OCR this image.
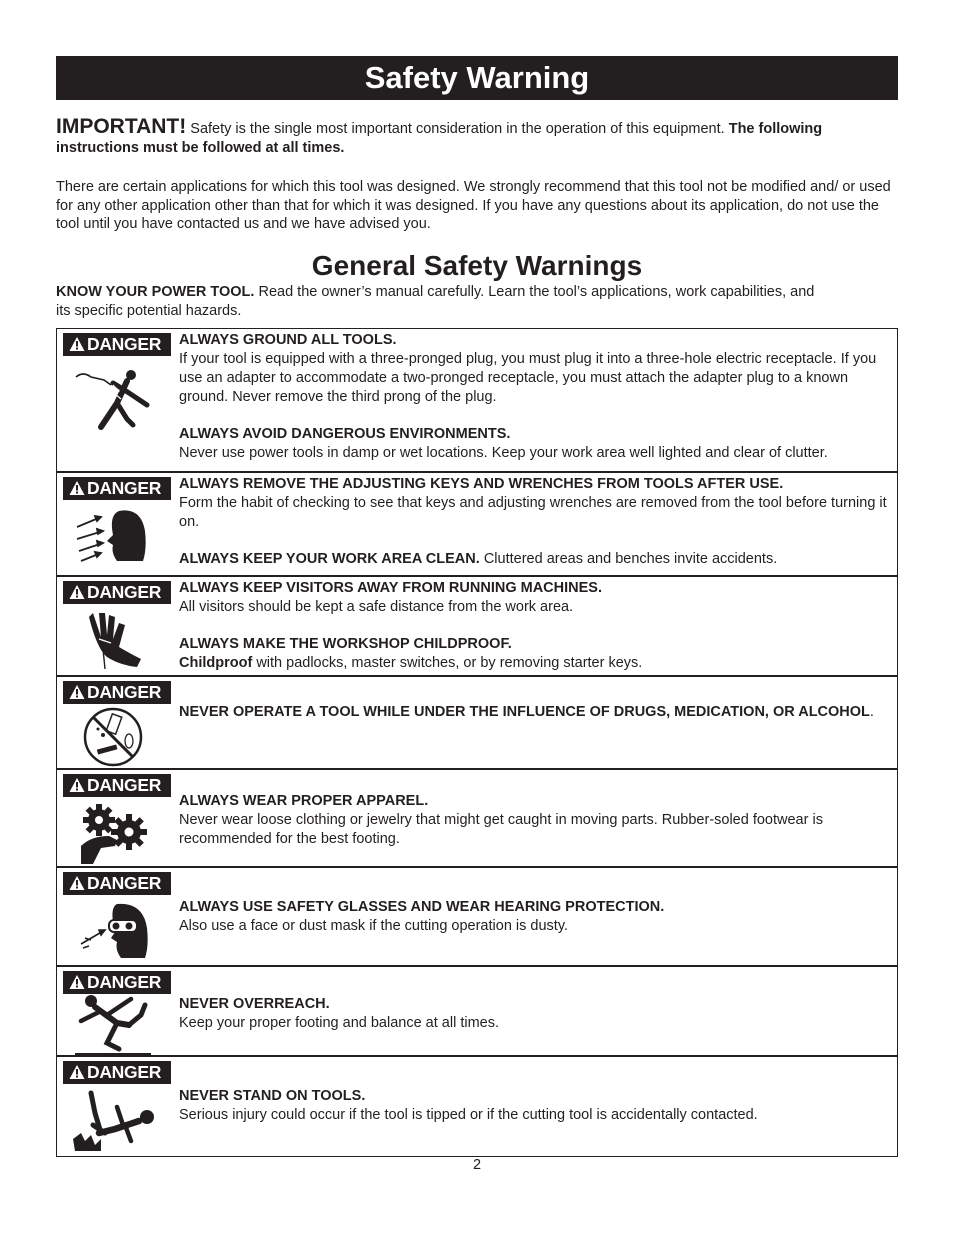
Safety Warning
IMPORTANT! Safety is the single most important consideration in the operation of this equipment. The following instructions must be followed at all times.
There are certain applications for which this tool was designed. We strongly recommend that this tool not be modified and/ or used for any other application other than that for which it was designed. If you have any questions about its application, do not use the tool until you have contacted us and we have advised you.
General Safety Warnings
KNOW YOUR POWER TOOL. Read the owner’s manual carefully. Learn the tool’s applications, work capabilities, and its specific potential hazards.
DANGER ALWAYS GROUND ALL TOOLS.

If your tool is equipped with a three-pronged plug, you must plug it into a three-hole electric receptacle. If you use an adapter to accommodate a two-pronged receptacle, you must attach the adapter plug to a known ground. Never remove the third prong of the plug.

ALWAYS AVOID DANGEROUS ENVIRONMENTS.

Never use power tools in damp or wet locations. Keep your work area well lighted and clear of clutter.

DANGER ALWAYS REMOVE THE ADJUSTING KEYS AND WRENCHES FROM TOOLS AFTER USE.

Form the habit of checking to see that keys and adjusting wrenches are removed from the tool before turning it on.

ALWAYS KEEP YOUR WORK AREA CLEAN. Cluttered areas and benches invite accidents.

DANGER ALWAYS KEEP VISITORS AWAY FROM RUNNING MACHINES.

All visitors should be kept a safe distance from the work area.

ALWAYS MAKE THE WORKSHOP CHILDPROOF.

Childproof with padlocks, master switches, or by removing starter keys.

DANGER

NEVER OPERATE A TOOL WHILE UNDER THE INFLUENCE OF DRUGS, MEDICATION, OR ALCOHOL.

DANGER

ALWAYS WEAR PROPER APPAREL.

Never wear loose clothing or jewelry that might get caught in moving parts. Rubber-soled footwear is recommended for the best footing.

DANGER

ALWAYS USE SAFETY GLASSES AND WEAR HEARING PROTECTION.

Also use a face or dust mask if the cutting operation is dusty.

DANGER

NEVER OVERREACH.

Keep your proper footing and balance at all times.

DANGER

NEVER STAND ON TOOLS.

Serious injury could occur if the tool is tipped or if the cutting tool is accidentally contacted.

2
